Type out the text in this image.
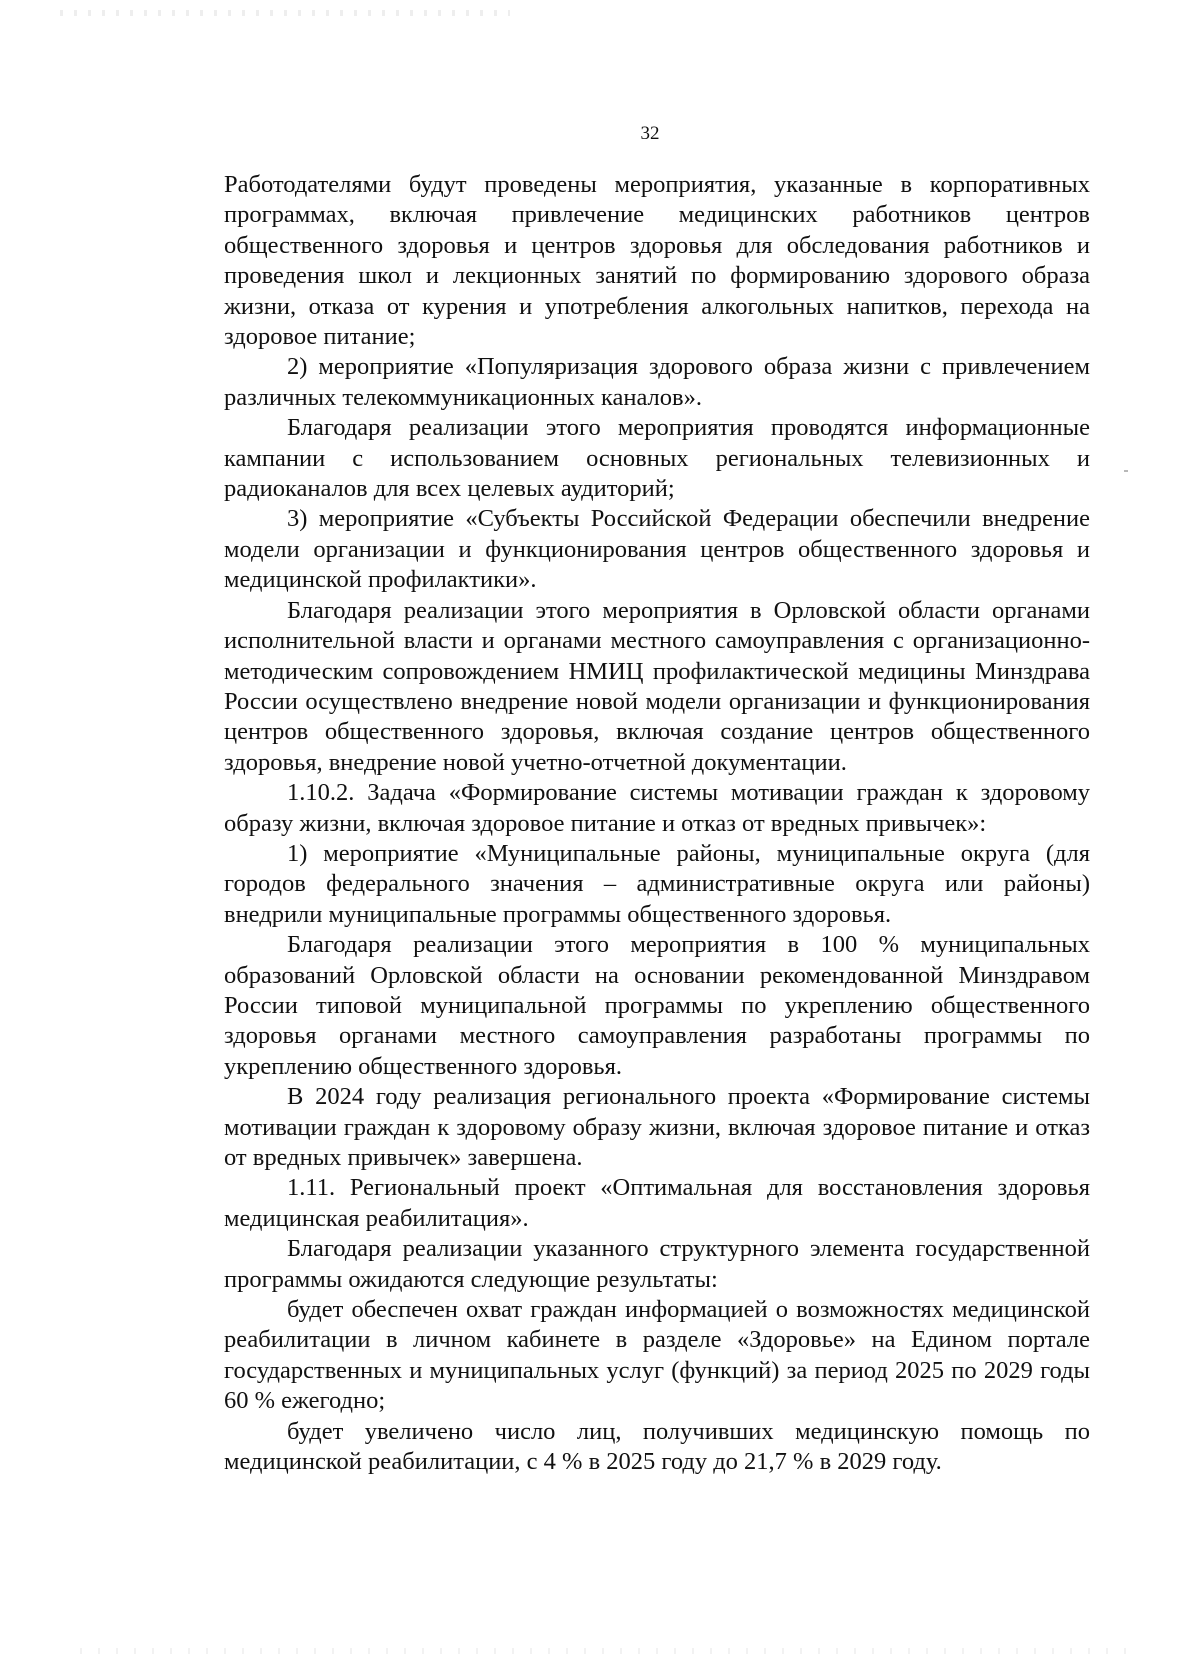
32

Работодателями будут проведены мероприятия, указанные в корпоративных программах, включая привлечение медицинских работников центров общественного здоровья и центров здоровья для обследования работников и проведения школ и лекционных занятий по формированию здорового образа жизни, отказа от курения и употребления алкогольных напитков, перехода на здоровое питание;

2) мероприятие «Популяризация здорового образа жизни с привлечением различных телекоммуникационных каналов».

Благодаря реализации этого мероприятия проводятся информационные кампании с использованием основных региональных телевизионных и радиоканалов для всех целевых аудиторий;

3) мероприятие «Субъекты Российской Федерации обеспечили внедрение модели организации и функционирования центров общественного здоровья и медицинской профилактики».

Благодаря реализации этого мероприятия в Орловской области органами исполнительной власти и органами местного самоуправления с организационно-методическим сопровождением НМИЦ профилактической медицины Минздрава России осуществлено внедрение новой модели организации и функционирования центров общественного здоровья, включая создание центров общественного здоровья, внедрение новой учетно-отчетной документации.

1.10.2. Задача «Формирование системы мотивации граждан к здоровому образу жизни, включая здоровое питание и отказ от вредных привычек»:

1) мероприятие «Муниципальные районы, муниципальные округа (для городов федерального значения – административные округа или районы) внедрили муниципальные программы общественного здоровья.

Благодаря реализации этого мероприятия в 100 % муниципальных образований Орловской области на основании рекомендованной Минздравом России типовой муниципальной программы по укреплению общественного здоровья органами местного самоуправления разработаны программы по укреплению общественного здоровья.

В 2024 году реализация регионального проекта «Формирование системы мотивации граждан к здоровому образу жизни, включая здоровое питание и отказ от вредных привычек» завершена.

1.11. Региональный проект «Оптимальная для восстановления здоровья медицинская реабилитация».

Благодаря реализации указанного структурного элемента государственной программы ожидаются следующие результаты:

будет обеспечен охват граждан информацией о возможностях медицинской реабилитации в личном кабинете в разделе «Здоровье» на Едином портале государственных и муниципальных услуг (функций) за период 2025 по 2029 годы 60 % ежегодно;

будет увеличено число лиц, получивших медицинскую помощь по медицинской реабилитации, с 4 % в 2025 году до 21,7 % в 2029 году.
